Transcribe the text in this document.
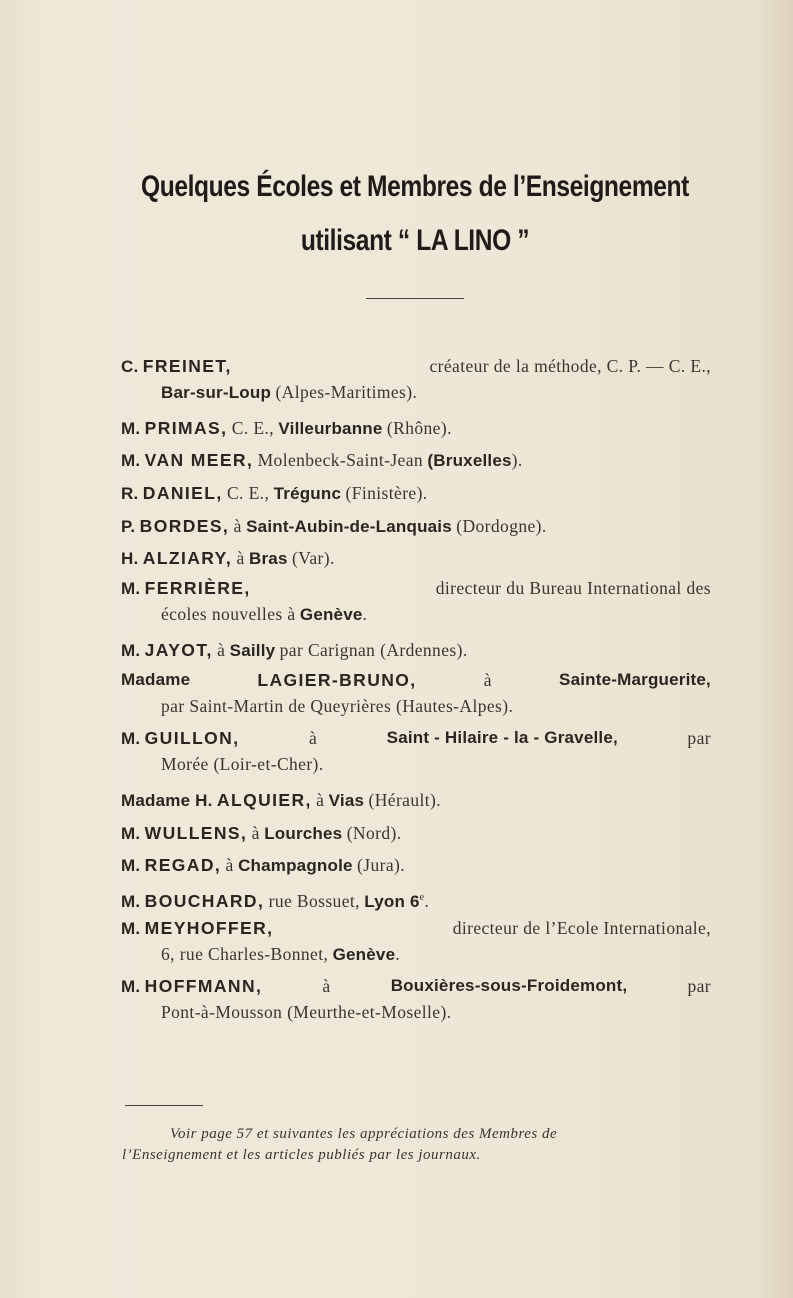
Quelques Écoles et Membres de l’Enseignement
utilisant “ LA LINO ”
C. FREINET,	créateur de la méthode, C. P. — C. E.,
Bar-sur-Loup (Alpes-Maritimes).
M. PRIMAS, C. E., Villeurbanne (Rhône).
M. VAN MEER, Molenbeck-Saint-Jean (Bruxelles).
R. DANIEL, C. E., Trégunc (Finistère).
P. BORDES, à Saint-Aubin-de-Lanquais (Dordogne).
H. ALZIARY, à Bras (Var).
M. FERRIÈRE,	directeur du Bureau International des
écoles nouvelles à Genève.
M. JAYOT, à Sailly par Carignan (Ardennes).
Madame	LAGIER-BRUNO,	à	Sainte-Marguerite,
par Saint-Martin de Queyrières (Hautes-Alpes).
M. GUILLON,	à	Saint - Hilaire - la - Gravelle,	par
Morée (Loir-et-Cher).
Madame H. ALQUIER, à Vias (Hérault).
M. WULLENS, à Lourches (Nord).
M. REGAD, à Champagnole (Jura).
M. BOUCHARD, rue Bossuet, Lyon 6e.
M. MEYHOFFER,	directeur de l’Ecole Internationale,
6, rue Charles-Bonnet, Genève.
M. HOFFMANN,	à	Bouxières-sous-Froidemont,	par
Pont-à-Mousson (Meurthe-et-Moselle).
Voir page 57 et suivantes les appréciations des Membres de
l’Enseignement et les articles publiés par les journaux.
